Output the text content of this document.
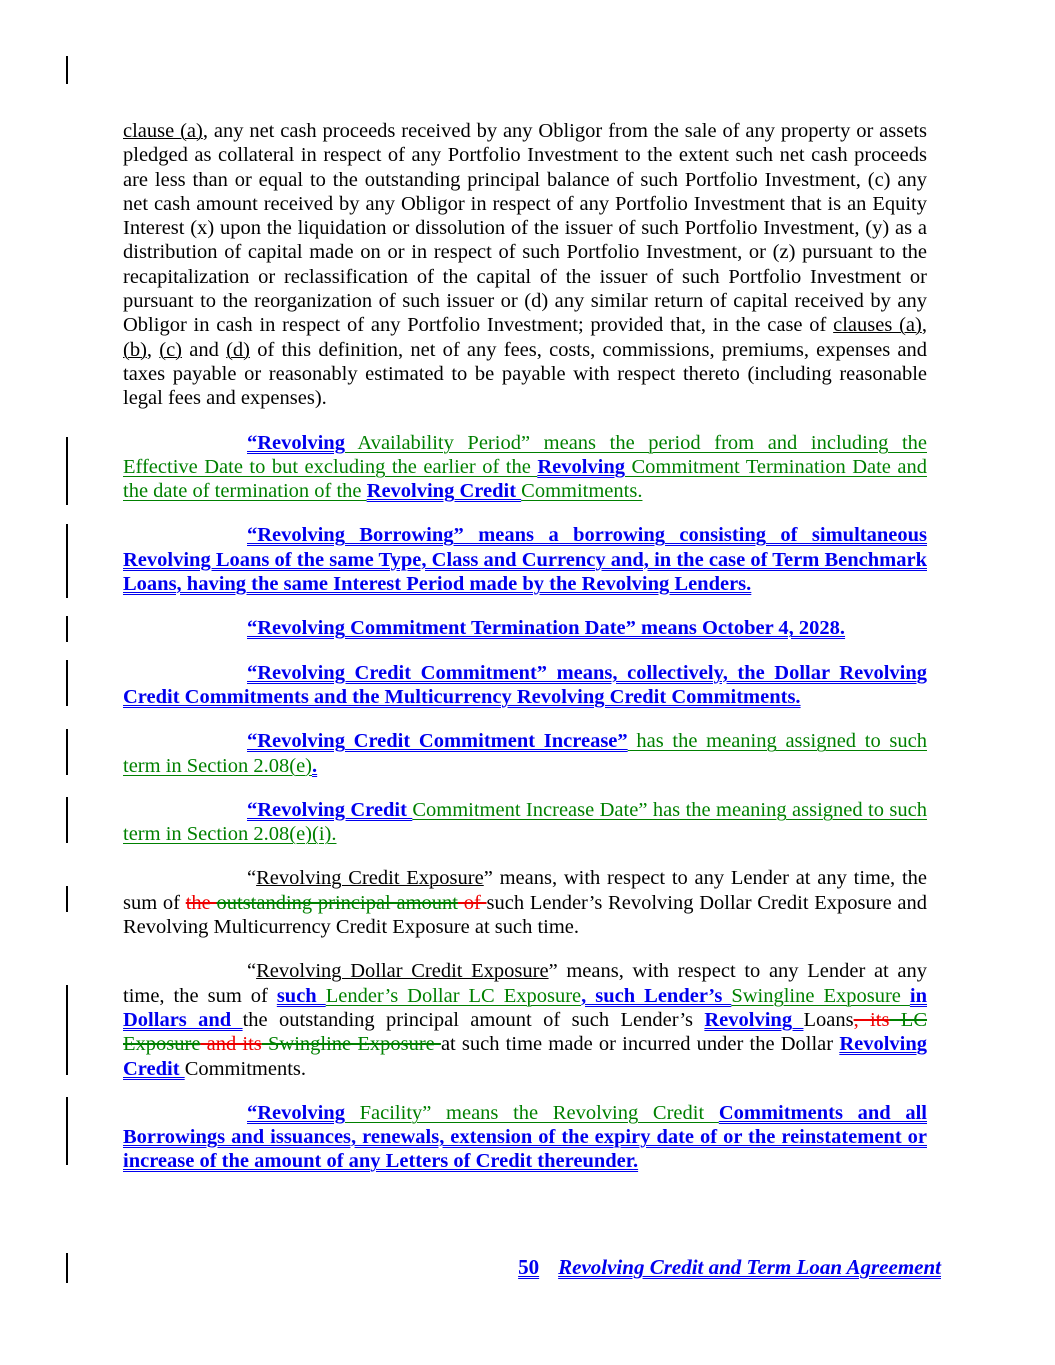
clause (a), any net cash proceeds received by any Obligor from the sale of any property or assets pledged as collateral in respect of any Portfolio Investment to the extent such net cash proceeds are less than or equal to the outstanding principal balance of such Portfolio Investment, (c) any net cash amount received by any Obligor in respect of any Portfolio Investment that is an Equity Interest (x) upon the liquidation or dissolution of the issuer of such Portfolio Investment, (y) as a distribution of capital made on or in respect of such Portfolio Investment, or (z) pursuant to the recapitalization or reclassification of the capital of the issuer of such Portfolio Investment or pursuant to the reorganization of such issuer or (d) any similar return of capital received by any Obligor in cash in respect of any Portfolio Investment; provided that, in the case of clauses (a), (b), (c) and (d) of this definition, net of any fees, costs, commissions, premiums, expenses and taxes payable or reasonably estimated to be payable with respect thereto (including reasonable legal fees and expenses).

“Revolving Availability Period” means the period from and including the Effective Date to but excluding the earlier of the Revolving Commitment Termination Date and the date of termination of the Revolving Credit Commitments.

“Revolving Borrowing” means a borrowing consisting of simultaneous Revolving Loans of the same Type, Class and Currency and, in the case of Term Benchmark Loans, having the same Interest Period made by the Revolving Lenders.

“Revolving Commitment Termination Date” means October 4, 2028.

“Revolving Credit Commitment” means, collectively, the Dollar Revolving Credit Commitments and the Multicurrency Revolving Credit Commitments.

“Revolving Credit Commitment Increase” has the meaning assigned to such term in Section 2.08(e).

“Revolving Credit Commitment Increase Date” has the meaning assigned to such term in Section 2.08(e)(i).

“Revolving Credit Exposure” means, with respect to any Lender at any time, the sum of the outstanding principal amount of such Lender’s Revolving Dollar Credit Exposure and Revolving Multicurrency Credit Exposure at such time.

“Revolving Dollar Credit Exposure” means, with respect to any Lender at any time, the sum of such Lender’s Dollar LC Exposure, such Lender’s Swingline Exposure in Dollars and the outstanding principal amount of such Lender’s Revolving Loans, its LC Exposure and its Swingline Exposure at such time made or incurred under the Dollar Revolving Credit Commitments.

“Revolving Facility” means the Revolving Credit Commitments and all Borrowings and issuances, renewals, extension of the expiry date of or the reinstatement or increase of the amount of any Letters of Credit thereunder.

50 Revolving Credit and Term Loan Agreement
